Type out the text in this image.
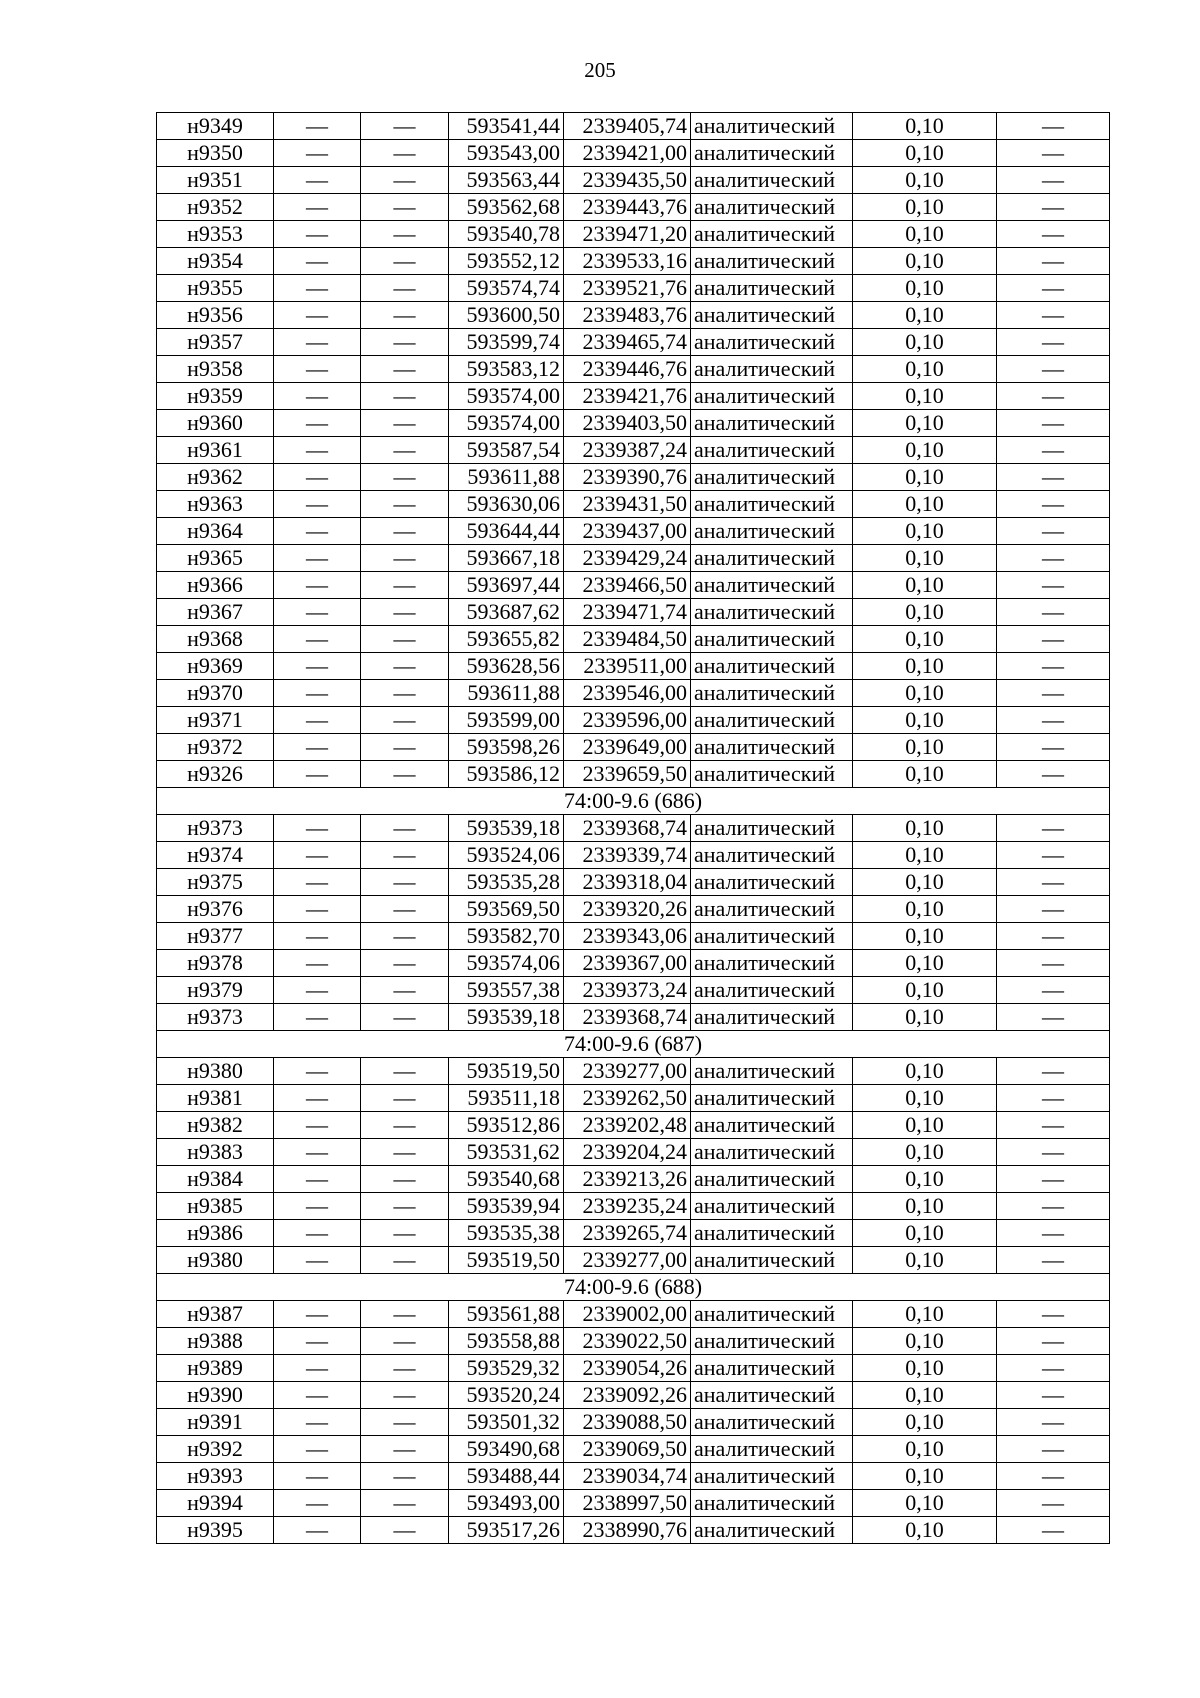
205
н9349	—	—	593541,44	2339405,74	аналитический	0,10	—
н9350	—	—	593543,00	2339421,00	аналитический	0,10	—
н9351	—	—	593563,44	2339435,50	аналитический	0,10	—
н9352	—	—	593562,68	2339443,76	аналитический	0,10	—
н9353	—	—	593540,78	2339471,20	аналитический	0,10	—
н9354	—	—	593552,12	2339533,16	аналитический	0,10	—
н9355	—	—	593574,74	2339521,76	аналитический	0,10	—
н9356	—	—	593600,50	2339483,76	аналитический	0,10	—
н9357	—	—	593599,74	2339465,74	аналитический	0,10	—
н9358	—	—	593583,12	2339446,76	аналитический	0,10	—
н9359	—	—	593574,00	2339421,76	аналитический	0,10	—
н9360	—	—	593574,00	2339403,50	аналитический	0,10	—
н9361	—	—	593587,54	2339387,24	аналитический	0,10	—
н9362	—	—	593611,88	2339390,76	аналитический	0,10	—
н9363	—	—	593630,06	2339431,50	аналитический	0,10	—
н9364	—	—	593644,44	2339437,00	аналитический	0,10	—
н9365	—	—	593667,18	2339429,24	аналитический	0,10	—
н9366	—	—	593697,44	2339466,50	аналитический	0,10	—
н9367	—	—	593687,62	2339471,74	аналитический	0,10	—
н9368	—	—	593655,82	2339484,50	аналитический	0,10	—
н9369	—	—	593628,56	2339511,00	аналитический	0,10	—
н9370	—	—	593611,88	2339546,00	аналитический	0,10	—
н9371	—	—	593599,00	2339596,00	аналитический	0,10	—
н9372	—	—	593598,26	2339649,00	аналитический	0,10	—
н9326	—	—	593586,12	2339659,50	аналитический	0,10	—
74:00-9.6 (686)							
н9373	—	—	593539,18	2339368,74	аналитический	0,10	—
н9374	—	—	593524,06	2339339,74	аналитический	0,10	—
н9375	—	—	593535,28	2339318,04	аналитический	0,10	—
н9376	—	—	593569,50	2339320,26	аналитический	0,10	—
н9377	—	—	593582,70	2339343,06	аналитический	0,10	—
н9378	—	—	593574,06	2339367,00	аналитический	0,10	—
н9379	—	—	593557,38	2339373,24	аналитический	0,10	—
н9373	—	—	593539,18	2339368,74	аналитический	0,10	—
74:00-9.6 (687)							
н9380	—	—	593519,50	2339277,00	аналитический	0,10	—
н9381	—	—	593511,18	2339262,50	аналитический	0,10	—
н9382	—	—	593512,86	2339202,48	аналитический	0,10	—
н9383	—	—	593531,62	2339204,24	аналитический	0,10	—
н9384	—	—	593540,68	2339213,26	аналитический	0,10	—
н9385	—	—	593539,94	2339235,24	аналитический	0,10	—
н9386	—	—	593535,38	2339265,74	аналитический	0,10	—
н9380	—	—	593519,50	2339277,00	аналитический	0,10	—
74:00-9.6 (688)							
н9387	—	—	593561,88	2339002,00	аналитический	0,10	—
н9388	—	—	593558,88	2339022,50	аналитический	0,10	—
н9389	—	—	593529,32	2339054,26	аналитический	0,10	—
н9390	—	—	593520,24	2339092,26	аналитический	0,10	—
н9391	—	—	593501,32	2339088,50	аналитический	0,10	—
н9392	—	—	593490,68	2339069,50	аналитический	0,10	—
н9393	—	—	593488,44	2339034,74	аналитический	0,10	—
н9394	—	—	593493,00	2338997,50	аналитический	0,10	—
н9395	—	—	593517,26	2338990,76	аналитический	0,10	—
